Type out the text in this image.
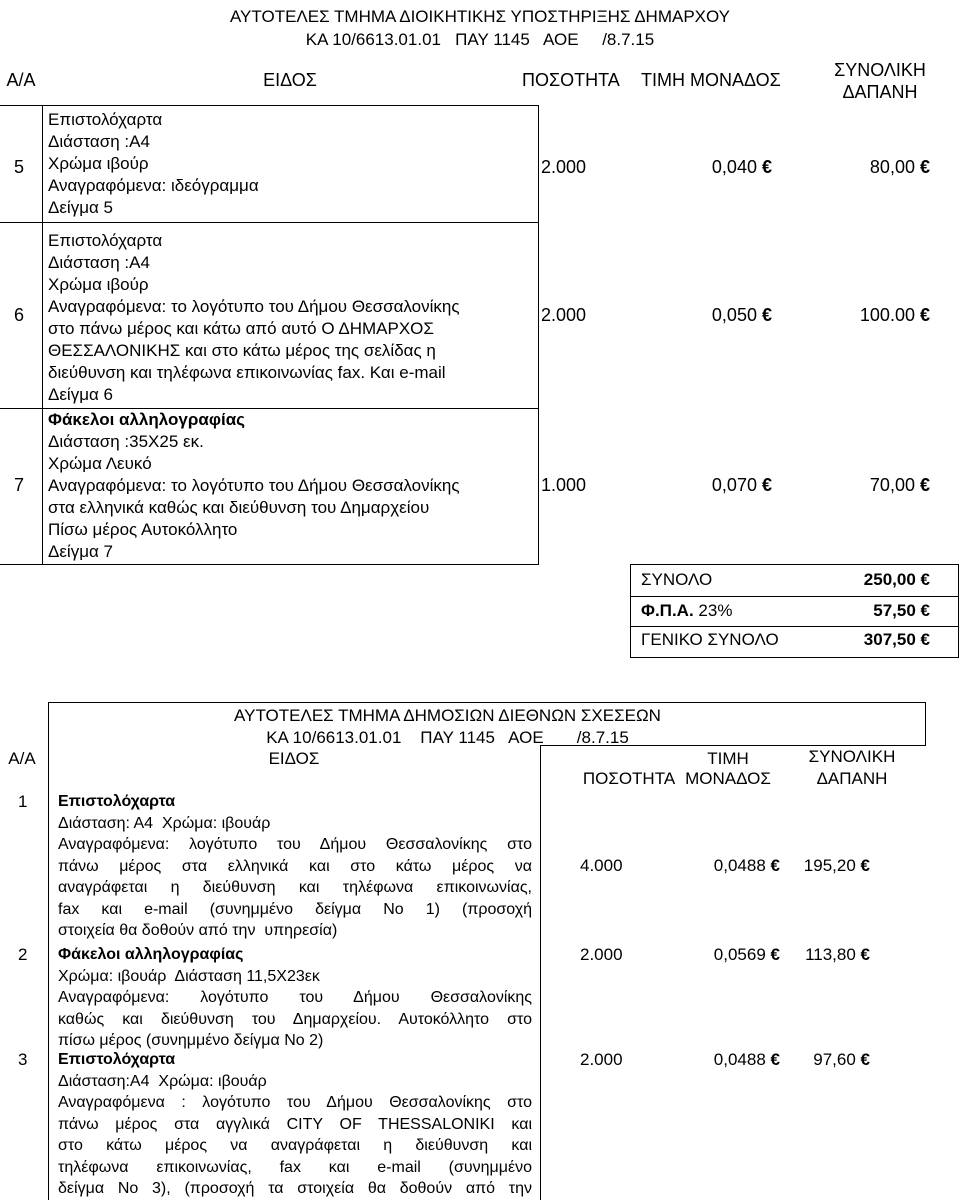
ΑΥΤΟΤΕΛΕΣ ΤΜΗΜΑ ΔΙΟΙΚΗΤΙΚΗΣ ΥΠΟΣΤΗΡΙΞΗΣ ΔΗΜΑΡΧΟΥ
ΚΑ 10/6613.01.01   ΠΑΥ 1145   ΑΟΕ     /8.7.15
Α/Α	ΕΙΔΟΣ	ΠΟΣΟΤΗΤΑ ΤΙΜΗ ΜΟΝΑΔΟΣ	ΣΥΝΟΛΙΚΗ
ΔΑΠΑΝΗ
5
Επιστολόχαρτα
Διάσταση :Α4
Χρώμα ιβούρ
Αναγραφόμενα: ιδεόγραμμα
Δείγμα 5
2.000	0,040 €	80,00 €
6
Επιστολόχαρτα
Διάσταση :Α4
Χρώμα ιβούρ
Αναγραφόμενα: το λογότυπο του Δήμου Θεσσαλονίκης
στο πάνω μέρος και κάτω από αυτό Ο ΔΗΜΑΡΧΟΣ
ΘΕΣΣΑΛΟΝΙΚΗΣ και στο κάτω μέρος της σελίδας η
διεύθυνση και τηλέφωνα επικοινωνίας fax. Και e-mail
Δείγμα 6
2.000	0,050 €	100.00 €
7
Φάκελοι αλληλογραφίας
Διάσταση :35Χ25 εκ.
Χρώμα Λευκό
Αναγραφόμενα: το λογότυπο του Δήμου Θεσσαλονίκης
στα ελληνικά καθώς και διεύθυνση του Δημαρχείου
Πίσω μέρος Αυτοκόλλητο
Δείγμα 7
1.000	0,070 €	70,00 €
ΣΥΝΟΛΟ	250,00 €
Φ.Π.Α. 23%	57,50 €
ΓΕΝΙΚΟ ΣΥΝΟΛΟ	307,50 €
ΑΥΤΟΤΕΛΕΣ ΤΜΗΜΑ ΔΗΜΟΣΙΩΝ ΔΙΕΘΝΩΝ ΣΧΕΣΕΩΝ
ΚΑ 10/6613.01.01    ΠΑΥ 1145   ΑΟΕ       /8.7.15
Α/Α	ΕΙΔΟΣ
ΠΟΣΟΤΗΤΑ
ΤΙΜΗ
ΜΟΝΑΔΟΣ
ΣΥΝΟΛΙΚΗ
ΔΑΠΑΝΗ
1 Επιστολόχαρτα
Διάσταση: Α4  Χρώμα: ιβουάρ
Αναγραφόμενα: λογότυπο του Δήμου Θεσσαλονίκης στο
πάνω μέρος στα ελληνικά και στο κάτω μέρος να
αναγράφεται η διεύθυνση και τηλέφωνα επικοινωνίας,
fax και e-mail (συνημμένο δείγμα Νο 1) (προσοχή
στοιχεία θα δοθούν από την  υπηρεσία)
4.000	0,0488 €	195,20 €
2 Φάκελοι αλληλογραφίας
Χρώμα: ιβουάρ  Διάσταση 11,5Χ23εκ
Αναγραφόμενα: λογότυπο του Δήμου Θεσσαλονίκης
καθώς και διεύθυνση του Δημαρχείου. Αυτοκόλλητο στο
πίσω μέρος (συνημμένο δείγμα Νο 2)
2.000	0,0569 €	113,80 €
3 Επιστολόχαρτα
Διάσταση:Α4  Χρώμα: ιβουάρ
Αναγραφόμενα : λογότυπο του Δήμου Θεσσαλονίκης στο
πάνω μέρος στα αγγλικά CITY OF THESSALONIKI και
στο κάτω μέρος να αναγράφεται η διεύθυνση και
τηλέφωνα επικοινωνίας, fax και e-mail (συνημμένο
δείγμα Νο 3), (προσοχή τα στοιχεία θα δοθούν από την
2.000	0,0488 €	97,60 €
